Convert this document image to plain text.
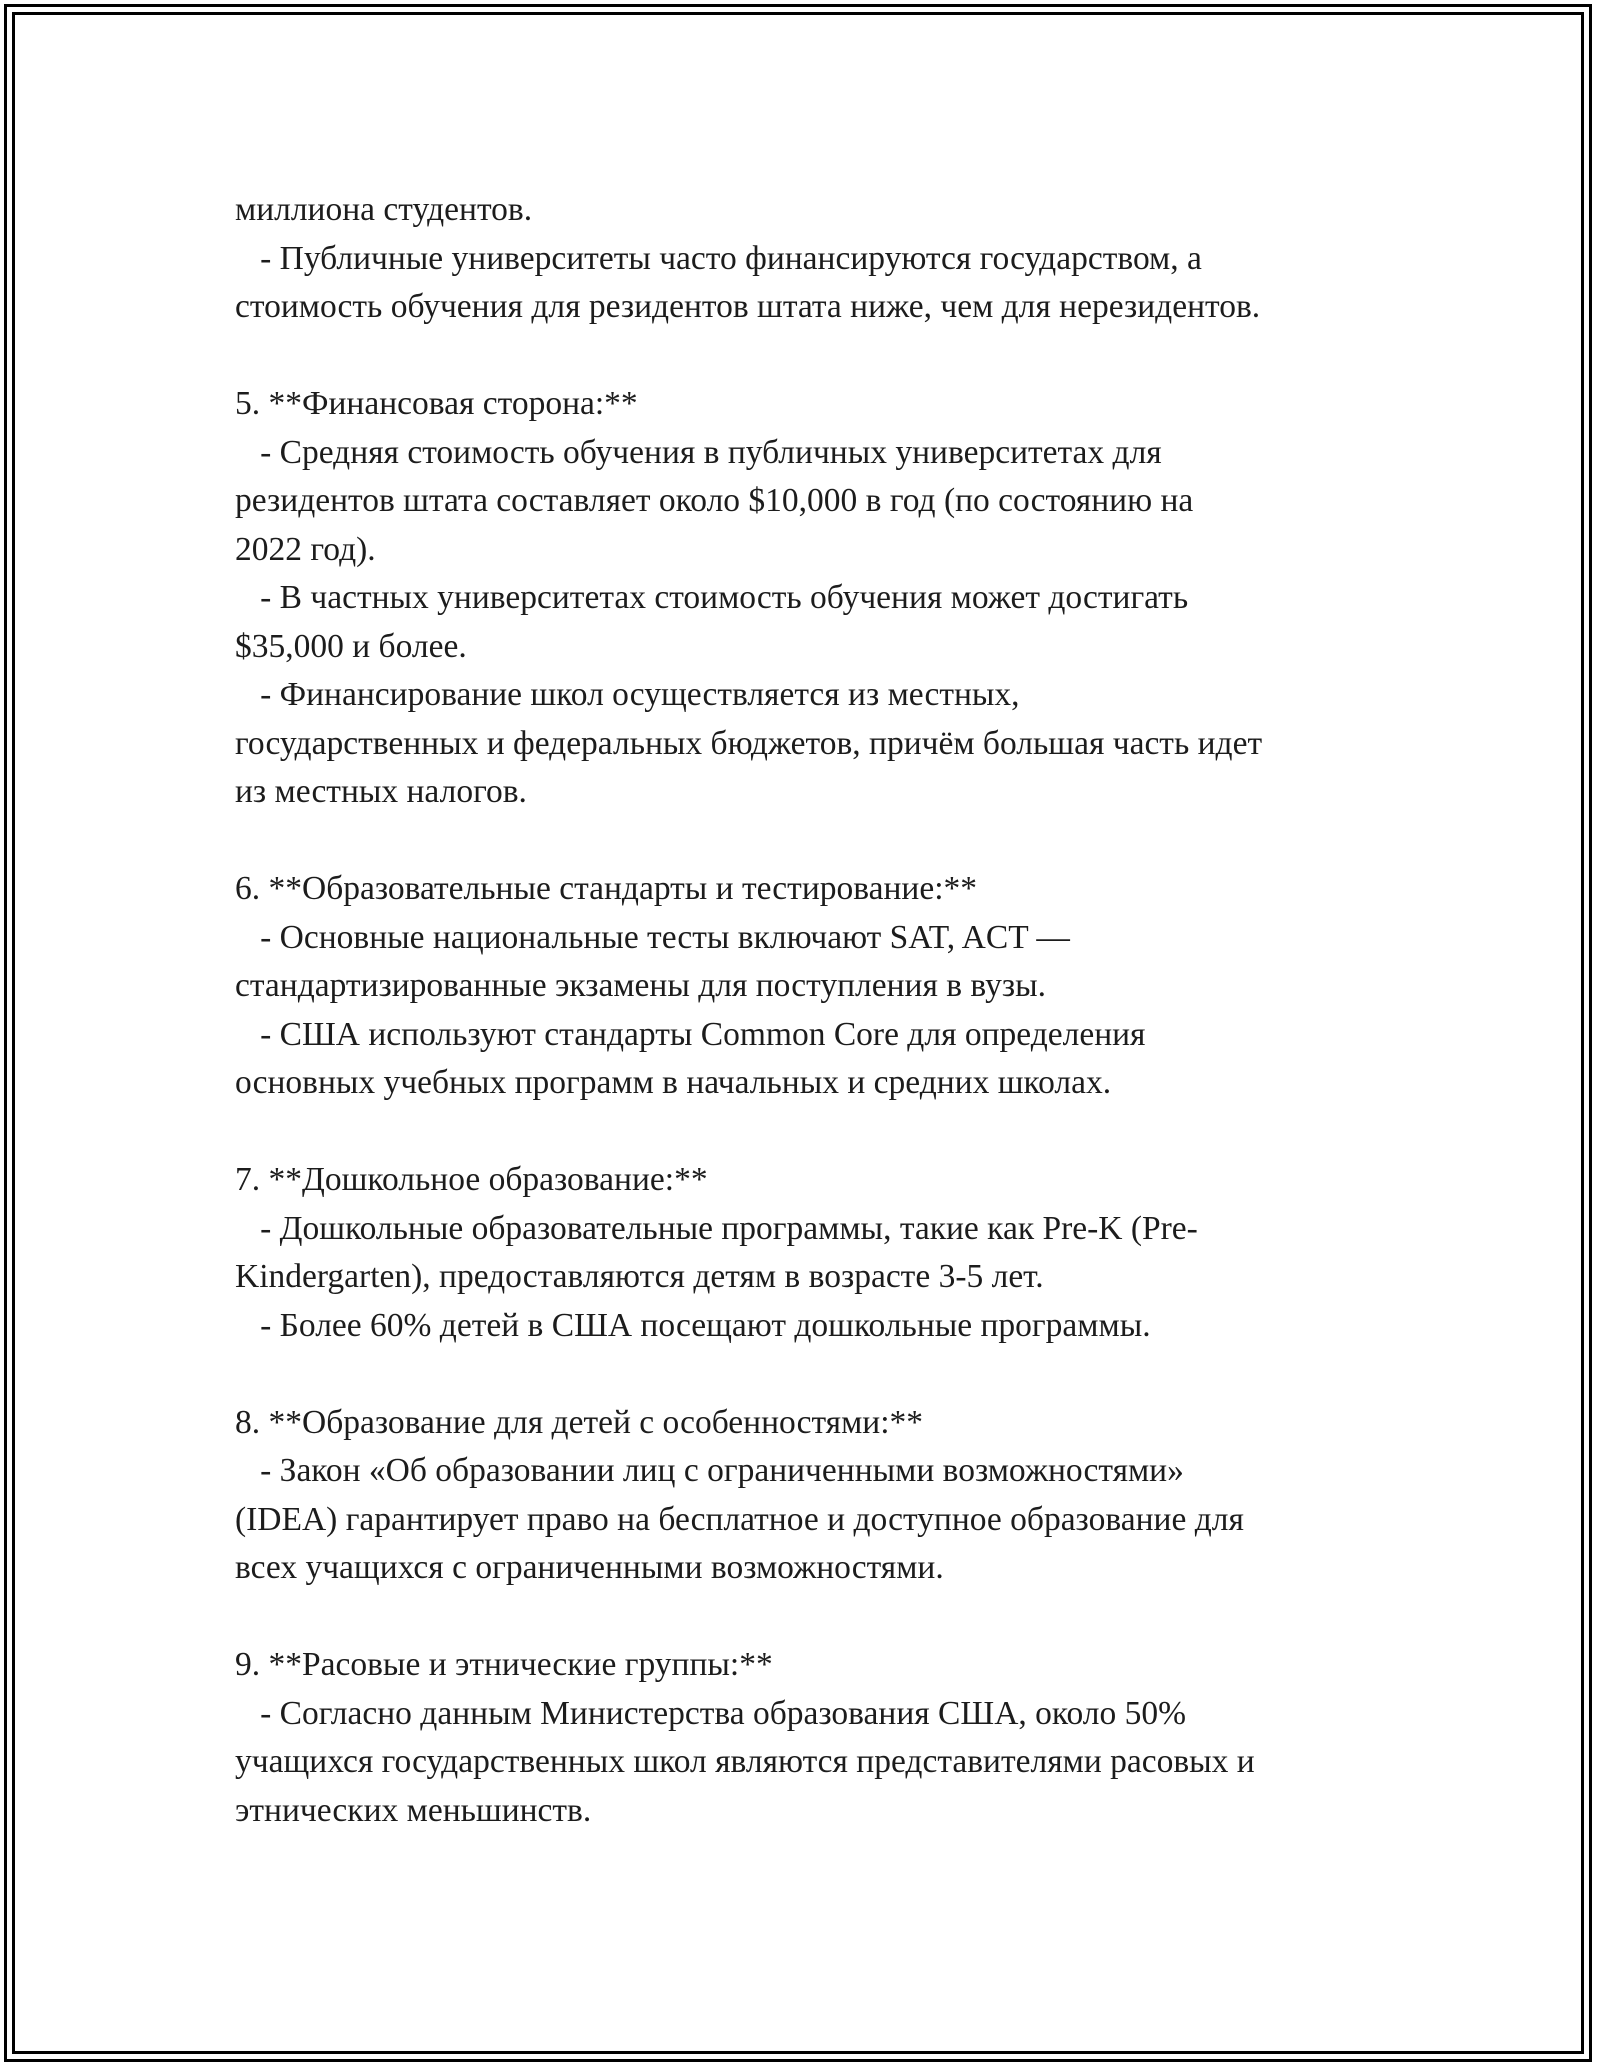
миллиона студентов.
- Публичные университеты часто финансируются государством, а
стоимость обучения для резидентов штата ниже, чем для нерезидентов.
5. **Финансовая сторона:**
- Средняя стоимость обучения в публичных университетах для
резидентов штата составляет около $10,000 в год (по состоянию на
2022 год).
- В частных университетах стоимость обучения может достигать
$35,000 и более.
- Финансирование школ осуществляется из местных,
государственных и федеральных бюджетов, причём большая часть идет
из местных налогов.
6. **Образовательные стандарты и тестирование:**
- Основные национальные тесты включают SAT, ACT —
стандартизированные экзамены для поступления в вузы.
- США используют стандарты Common Core для определения
основных учебных программ в начальных и средних школах.
7. **Дошкольное образование:**
- Дошкольные образовательные программы, такие как Pre-K (Pre-
Kindergarten), предоставляются детям в возрасте 3-5 лет.
- Более 60% детей в США посещают дошкольные программы.
8. **Образование для детей с особенностями:**
- Закон «Об образовании лиц с ограниченными возможностями»
(IDEA) гарантирует право на бесплатное и доступное образование для
всех учащихся с ограниченными возможностями.
9. **Расовые и этнические группы:**
- Согласно данным Министерства образования США, около 50%
учащихся государственных школ являются представителями расовых и
этнических меньшинств.
